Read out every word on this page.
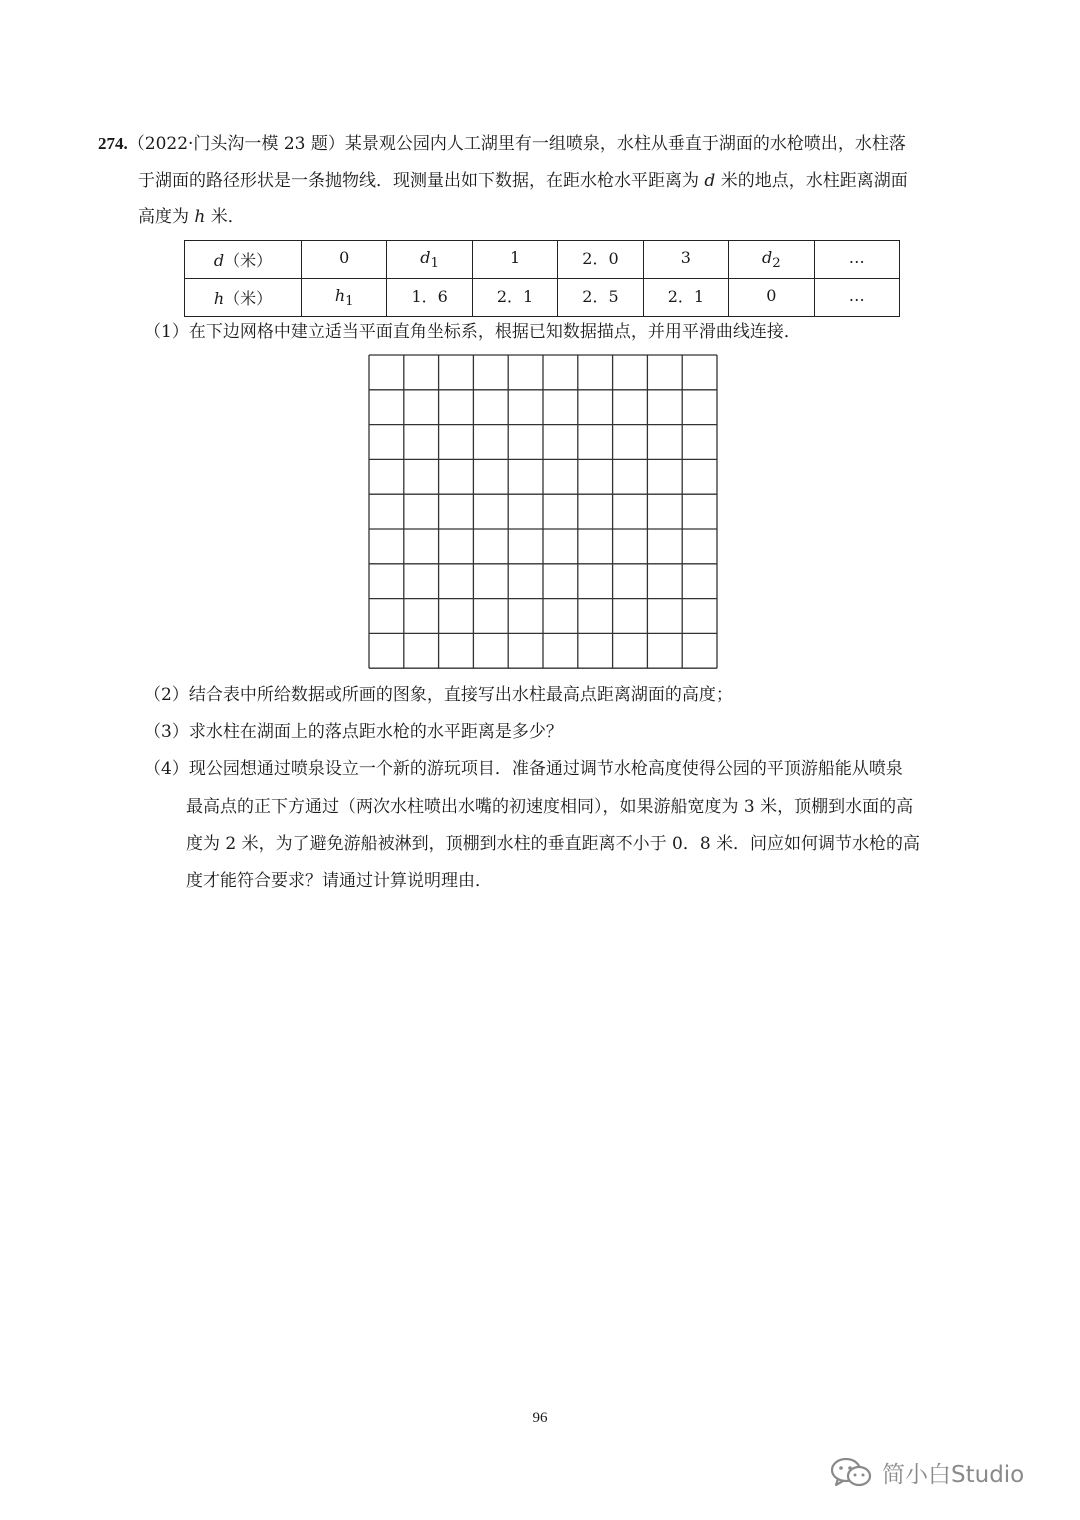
274.（2022·门头沟一模 23 题）某景观公园内人工湖里有一组喷泉，水柱从垂直于湖面的水枪喷出，水柱落

于湖面的路径形状是一条抛物线．现测量出如下数据，在距水枪水平距离为 d 米的地点，水柱距离湖面

高度为 h 米．

d（米）	0	$d_1$	1	2．0	3	$d_2$	…
h（米）	$h_1$	1．6	2．1	2．5	2．1	0	…

（1）在下边网格中建立适当平面直角坐标系，根据已知数据描点，并用平滑曲线连接．

（2）结合表中所给数据或所画的图象，直接写出水柱最高点距离湖面的高度；

（3）求水柱在湖面上的落点距水枪的水平距离是多少？

（4）现公园想通过喷泉设立一个新的游玩项目．准备通过调节水枪高度使得公园的平顶游船能从喷泉

最高点的正下方通过（两次水柱喷出水嘴的初速度相同），如果游船宽度为 3 米，顶棚到水面的高

度为 2 米，为了避免游船被淋到，顶棚到水柱的垂直距离不小于 0．8 米．问应如何调节水枪的高

度才能符合要求？请通过计算说明理由．

96
简小白Studio
